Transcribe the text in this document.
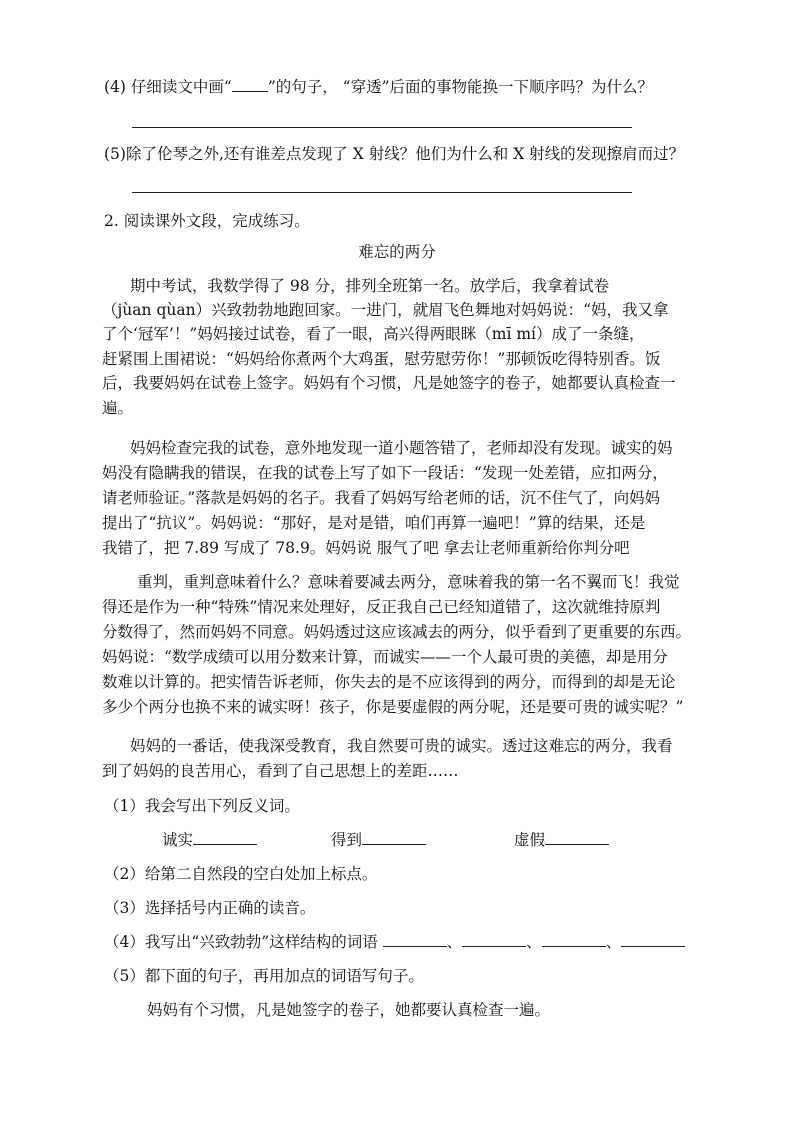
(4) 仔细读文中画“ ”的句子， “穿透”后面的事物能换一下顺序吗？为什么？
(5)除了伦琴之外,还有谁差点发现了 X 射线？他们为什么和 X 射线的发现擦肩而过？
2. 阅读课外文段，完成练习。
难忘的两分
期中考试，我数学得了 98 分，排列全班第一名。放学后，我拿着试卷
（jùan qùan）兴致勃勃地跑回家。一进门，就眉飞色舞地对妈妈说：“妈，我又拿
了个‘冠军’！”妈妈接过试卷，看了一眼，高兴得两眼眯（mī mí）成了一条缝，
赶紧围上围裙说：“妈妈给你煮两个大鸡蛋，慰劳慰劳你！”那顿饭吃得特别香。饭
后，我要妈妈在试卷上签字。妈妈有个习惯，凡是她签字的卷子，她都要认真检查一
遍。
妈妈检查完我的试卷，意外地发现一道小题答错了，老师却没有发现。诚实的妈
妈没有隐瞒我的错误，在我的试卷上写了如下一段话：“发现一处差错，应扣两分，
请老师验证。”落款是妈妈的名子。我看了妈妈写给老师的话，沉不住气了，向妈妈
提出了“抗议”。妈妈说：“那好，是对是错，咱们再算一遍吧！”算的结果，还是
我错了，把 7.89 写成了 78.9。妈妈说 服气了吧 拿去让老师重新给你判分吧
重判，重判意味着什么？意味着要减去两分，意味着我的第一名不翼而飞！我觉
得还是作为一种“特殊”情况来处理好，反正我自己已经知道错了，这次就维持原判
分数得了，然而妈妈不同意。妈妈透过这应该减去的两分，似乎看到了更重要的东西。
妈妈说：“数学成绩可以用分数来计算，而诚实——一个人最可贵的美德，却是用分
数难以计算的。把实情告诉老师，你失去的是不应该得到的两分，而得到的却是无论
多少个两分也换不来的诚实呀！孩子，你是要虚假的两分呢，还是要可贵的诚实呢？”
妈妈的一番话，使我深受教育，我自然要可贵的诚实。透过这难忘的两分，我看
到了妈妈的良苦用心，看到了自己思想上的差距……
（1）我会写出下列反义词。
诚实	得到	虚假
（2）给第二自然段的空白处加上标点。
（3）选择括号内正确的读音。
（4）我写出“兴致勃勃”这样结构的词语	、	、	、
（5）都下面的句子，再用加点的词语写句子。
妈妈有个习惯，凡是她签字的卷子，她都要认真检查一遍。
